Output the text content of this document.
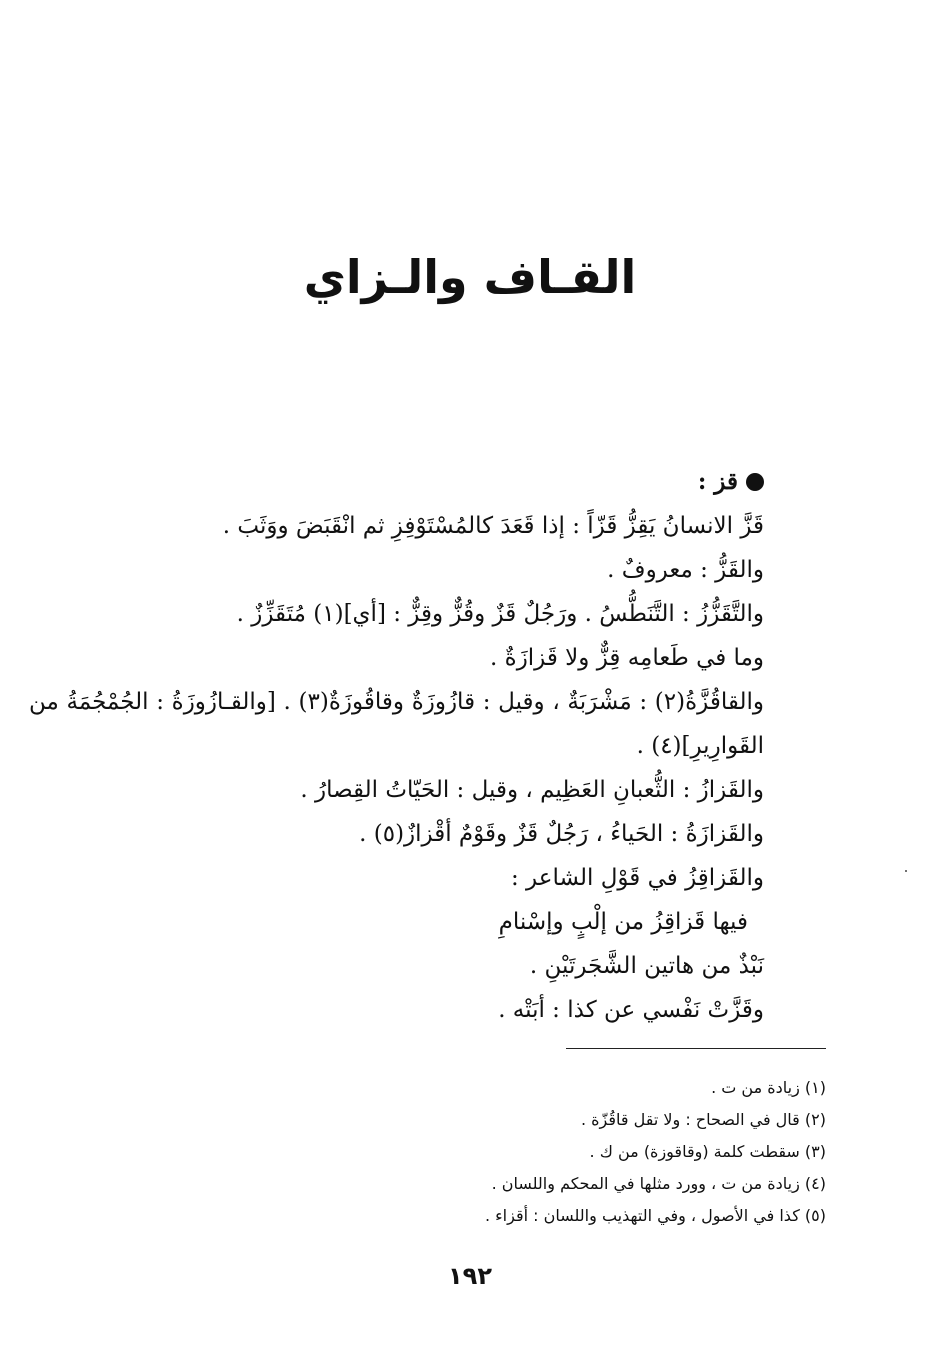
القـاف والـزاي

قز :

قَزَّ الانسانُ يَقِزُّ قَزّاً : إذا قَعَدَ كالمُسْتَوْفِزِ ثم انْقَبَضَ ووَثَبَ .

والقَزُّ : معروفٌ .

والتَّقَزُّزُ : التَّنَطُّسُ . ورَجُلٌ قَزٌ وقُزٌّ وقِزٌّ : [أي](١) مُتَقَزِّزٌ .

وما في طَعامِه قِزٌّ ولا قَزازَةٌ .

والقاقُزَّةُ(٢) : مَشْرَبَةٌ ، وقيل : قازُوزَةٌ وقاقُوزَةٌ(٣) . [والقـازُوزَةُ : الجُمْجُمَةُ من القَوارِيرِ](٤) .

والقَزازُ : الثُّعبانِ العَظِيم ، وقيل : الحَيّاتُ القِصارُ .

والقَزازَةُ : الحَياءُ ، رَجُلٌ قَزٌ وقَوْمٌ أقْزازٌ(٥) .

والقَزاقِزُ في قَوْلِ الشاعر :

فيها قَزاقِزُ من إلْبٍ وإسْنامِ

نَبْذٌ من هاتين الشَّجَرتَيْنِ .

وقَزَّتْ نَفْسي عن كذا : أبَتْه .

(١) زيادة من ت .

(٢) قال في الصحاح : ولا تقل قاقُزّة .

(٣) سقطت كلمة (وقاقوزة) من ك .

(٤) زيادة من ت ، وورد مثلها في المحكم واللسان .

(٥) كذا في الأصول ، وفي التهذيب واللسان : أقزاء .

١٩٢
